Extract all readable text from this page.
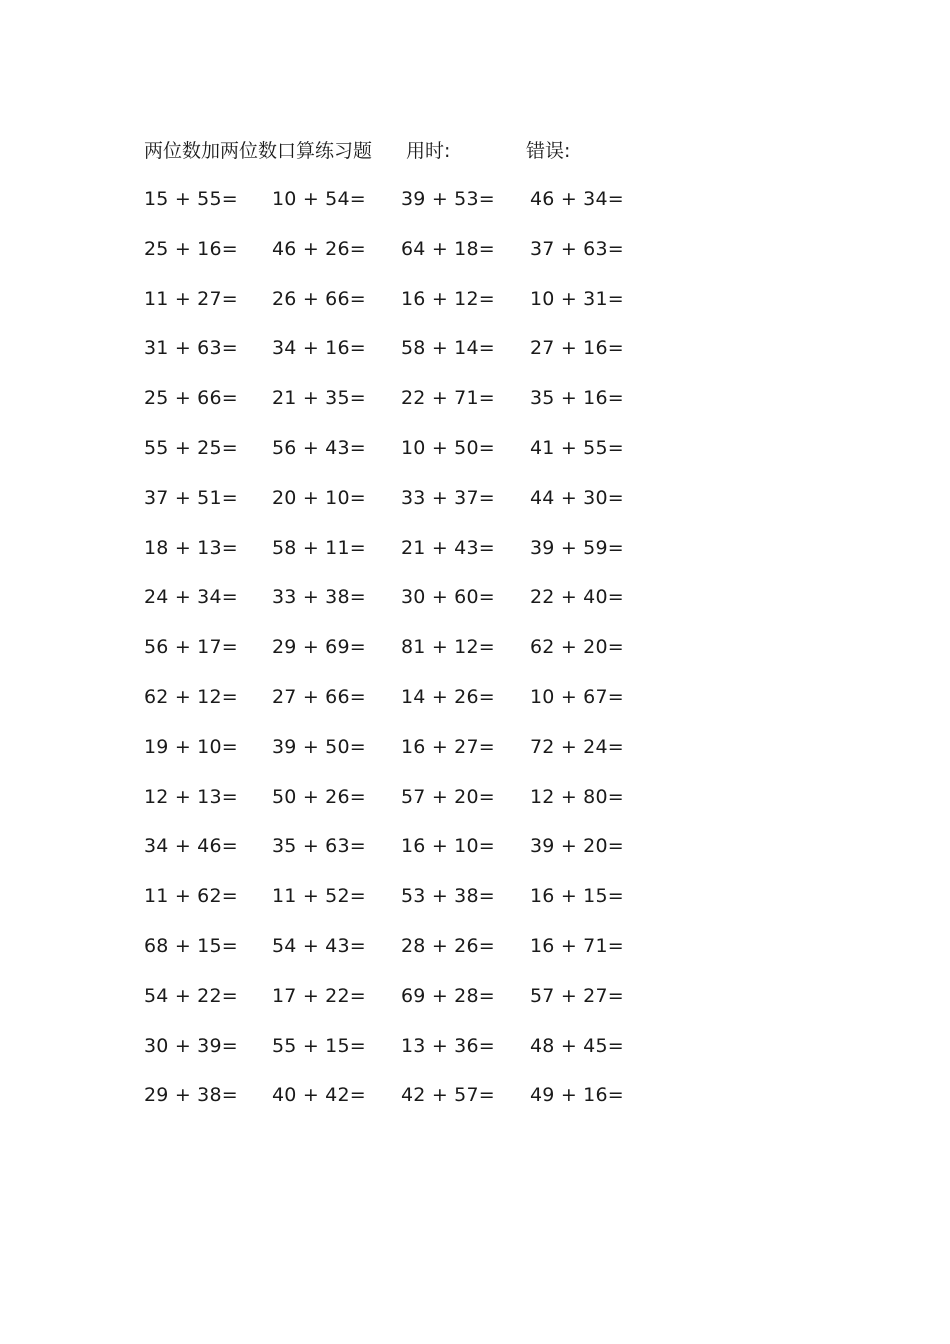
两位数加两位数口算练习题 用时:	错误:
15 + 55= 10 + 54= 39 + 53= 46 + 34=
25 + 16= 46 + 26= 64 + 18= 37 + 63=
11 + 27= 26 + 66= 16 + 12= 10 + 31=
31 + 63= 34 + 16= 58 + 14= 27 + 16=
25 + 66= 21 + 35= 22 + 71= 35 + 16=
55 + 25= 56 + 43= 10 + 50= 41 + 55=
37 + 51= 20 + 10= 33 + 37= 44 + 30=
18 + 13= 58 + 11= 21 + 43= 39 + 59=
24 + 34= 33 + 38= 30 + 60= 22 + 40=
56 + 17= 29 + 69= 81 + 12= 62 + 20=
62 + 12= 27 + 66= 14 + 26= 10 + 67=
19 + 10= 39 + 50= 16 + 27= 72 + 24=
12 + 13= 50 + 26= 57 + 20= 12 + 80=
34 + 46= 35 + 63= 16 + 10= 39 + 20=
11 + 62= 11 + 52= 53 + 38= 16 + 15=
68 + 15= 54 + 43= 28 + 26= 16 + 71=
54 + 22= 17 + 22= 69 + 28= 57 + 27=
30 + 39= 55 + 15= 13 + 36= 48 + 45=
29 + 38= 40 + 42= 42 + 57= 49 + 16=
